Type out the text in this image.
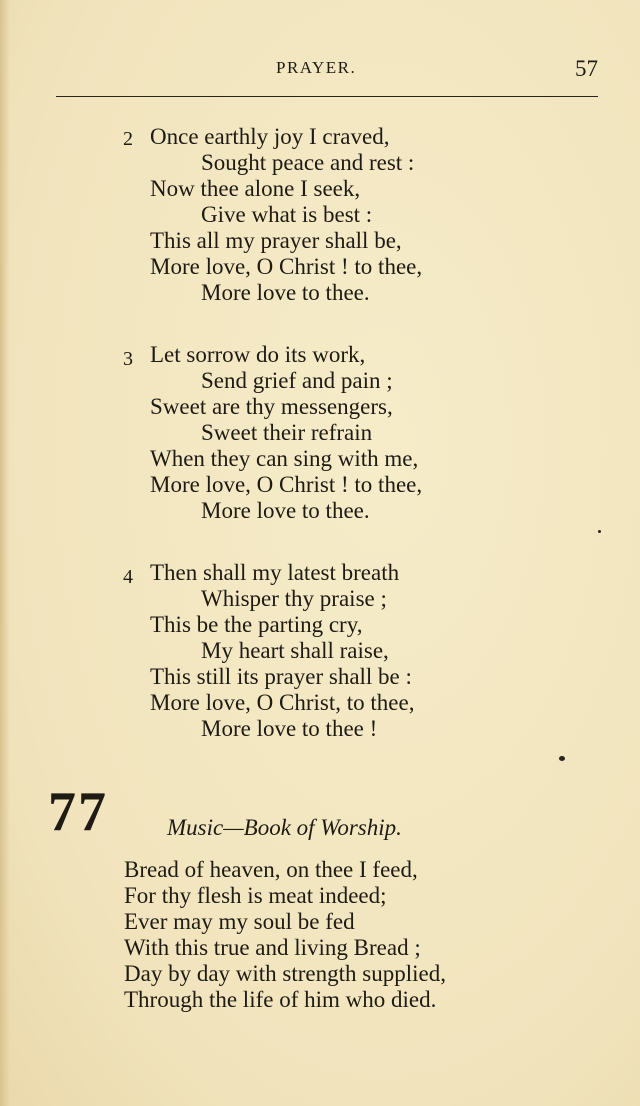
PRAYER.	57
2 Once earthly joy I craved,
Sought peace and rest :
Now thee alone I seek,
Give what is best :
This all my prayer shall be,
More love, O Christ ! to thee,
More love to thee.
3 Let sorrow do its work,
Send grief and pain ;
Sweet are thy messengers,
Sweet their refrain
When they can sing with me,
More love, O Christ ! to thee,
More love to thee.
4 Then shall my latest breath
Whisper thy praise ;
This be the parting cry,
My heart shall raise,
This still its prayer shall be :
More love, O Christ, to thee,
More love to thee !
77	Music—Book of Worship.
Bread of heaven, on thee I feed,
For thy flesh is meat indeed;
Ever may my soul be fed
With this true and living Bread ;
Day by day with strength supplied,
Through the life of him who died.
